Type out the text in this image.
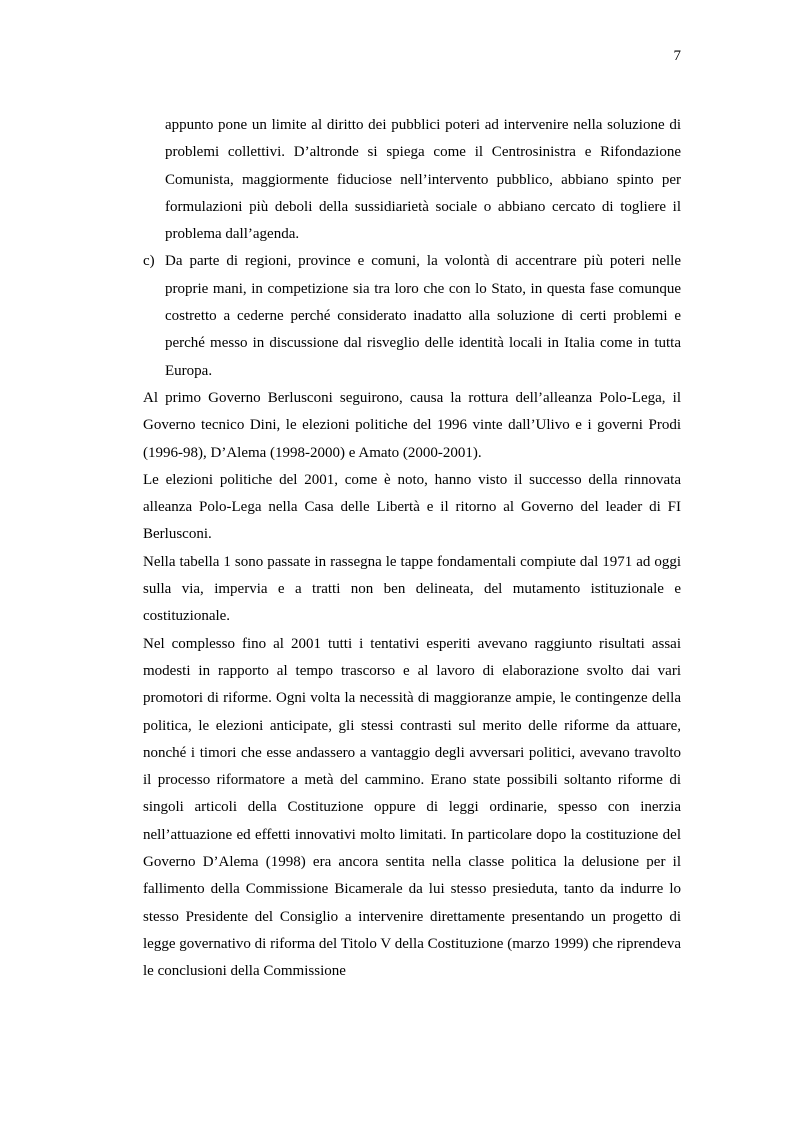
7

appunto pone un limite al diritto dei pubblici poteri ad intervenire nella soluzione di problemi collettivi. D’altronde si spiega come il Centrosinistra e Rifondazione Comunista, maggiormente fiduciose nell’intervento pubblico, abbiano spinto per formulazioni più deboli della sussidiarietà sociale o abbiano cercato di togliere il problema dall’agenda.

c) Da parte di regioni, province e comuni, la volontà di accentrare più poteri nelle proprie mani, in competizione sia tra loro che con lo Stato, in questa fase comunque costretto a cederne perché considerato inadatto alla soluzione di certi problemi e perché messo in discussione dal risveglio delle identità locali in Italia come in tutta Europa.

Al primo Governo Berlusconi seguirono, causa la rottura dell’alleanza Polo-Lega, il Governo tecnico Dini, le elezioni politiche del 1996 vinte dall’Ulivo e i governi Prodi (1996-98), D’Alema (1998-2000) e Amato (2000-2001).

Le elezioni politiche del 2001, come è noto, hanno visto il successo della rinnovata alleanza Polo-Lega nella Casa delle Libertà e il ritorno al Governo del leader di FI Berlusconi.

Nella tabella 1 sono passate in rassegna le tappe fondamentali compiute dal 1971 ad oggi sulla via, impervia e a tratti non ben delineata, del mutamento istituzionale e costituzionale.

Nel complesso fino al 2001 tutti i tentativi esperiti avevano raggiunto risultati assai modesti in rapporto al tempo trascorso e al lavoro di elaborazione svolto dai vari promotori di riforme. Ogni volta la necessità di maggioranze ampie, le contingenze della politica, le elezioni anticipate, gli stessi contrasti sul merito delle riforme da attuare, nonché i timori che esse andassero a vantaggio degli avversari politici, avevano travolto il processo riformatore a metà del cammino. Erano state possibili soltanto riforme di singoli articoli della Costituzione oppure di leggi ordinarie, spesso con inerzia nell’attuazione ed effetti innovativi molto limitati. In particolare dopo la costituzione del Governo D’Alema (1998) era ancora sentita nella classe politica la delusione per il fallimento della Commissione Bicamerale da lui stesso presieduta, tanto da indurre lo stesso Presidente del Consiglio a intervenire direttamente presentando un progetto di legge governativo di riforma del Titolo V della Costituzione (marzo 1999) che riprendeva le conclusioni della Commissione
